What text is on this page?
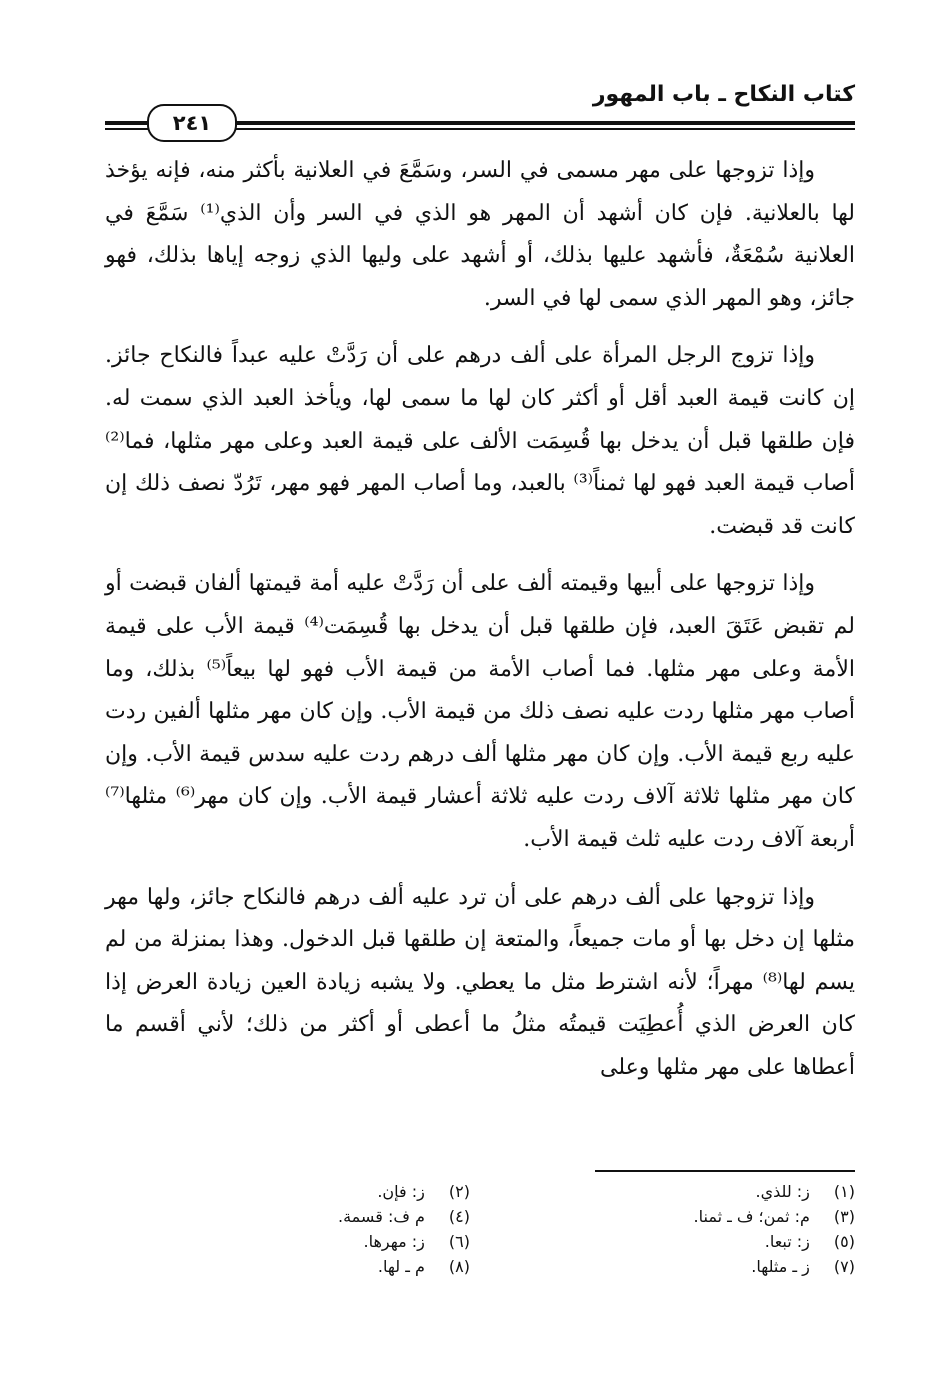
كتاب النكاح ـ باب المهور
٢٤١

وإذا تزوجها على مهر مسمى في السر، وسَمَّعَ في العلانية بأكثر منه، فإنه يؤخذ لها بالعلانية. فإن كان أشهد أن المهر هو الذي في السر وأن الذي⁽¹⁾ سَمَّعَ في العلانية سُمْعَةٌ، فأشهد عليها بذلك، أو أشهد على وليها الذي زوجه إياها بذلك، فهو جائز، وهو المهر الذي سمى لها في السر.

وإذا تزوج الرجل المرأة على ألف درهم على أن رَدَّتْ عليه عبداً فالنكاح جائز. إن كانت قيمة العبد أقل أو أكثر كان لها ما سمى لها، ويأخذ العبد الذي سمت له. فإن طلقها قبل أن يدخل بها قُسِمَت الألف على قيمة العبد وعلى مهر مثلها، فما⁽²⁾ أصاب قيمة العبد فهو لها ثمناً⁽³⁾ بالعبد، وما أصاب المهر فهو مهر، تَرُدّ نصف ذلك إن كانت قد قبضت.

وإذا تزوجها على أبيها وقيمته ألف على أن رَدَّتْ عليه أمة قيمتها ألفان قبضت أو لم تقبض عَتَقَ العبد، فإن طلقها قبل أن يدخل بها قُسِمَت⁽⁴⁾ قيمة الأب على قيمة الأمة وعلى مهر مثلها. فما أصاب الأمة من قيمة الأب فهو لها بيعاً⁽⁵⁾ بذلك، وما أصاب مهر مثلها ردت عليه نصف ذلك من قيمة الأب. وإن كان مهر مثلها ألفين ردت عليه ربع قيمة الأب. وإن كان مهر مثلها ألف درهم ردت عليه سدس قيمة الأب. وإن كان مهر مثلها ثلاثة آلاف ردت عليه ثلاثة أعشار قيمة الأب. وإن كان مهر⁽⁶⁾ مثلها⁽⁷⁾ أربعة آلاف ردت عليه ثلث قيمة الأب.

وإذا تزوجها على ألف درهم على أن ترد عليه ألف درهم فالنكاح جائز، ولها مهر مثلها إن دخل بها أو مات جميعاً، والمتعة إن طلقها قبل الدخول. وهذا بمنزلة من لم يسم لها⁽⁸⁾ مهراً؛ لأنه اشترط مثل ما يعطي. ولا يشبه زيادة العين زيادة العرض إذا كان العرض الذي أُعطِيَت قيمتُه مثلُ ما أعطى أو أكثر من ذلك؛ لأني أقسم ما أعطاها على مهر مثلها وعلى

(١) ز: للذي.
(٢) ز: فإن.
(٣) م: ثمن؛ ف ـ ثمنا.
(٤) م ف: قسمة.
(٥) ز: تبعا.
(٦) ز: مهرها.
(٧) ز ـ مثلها.
(٨) م ـ لها.
